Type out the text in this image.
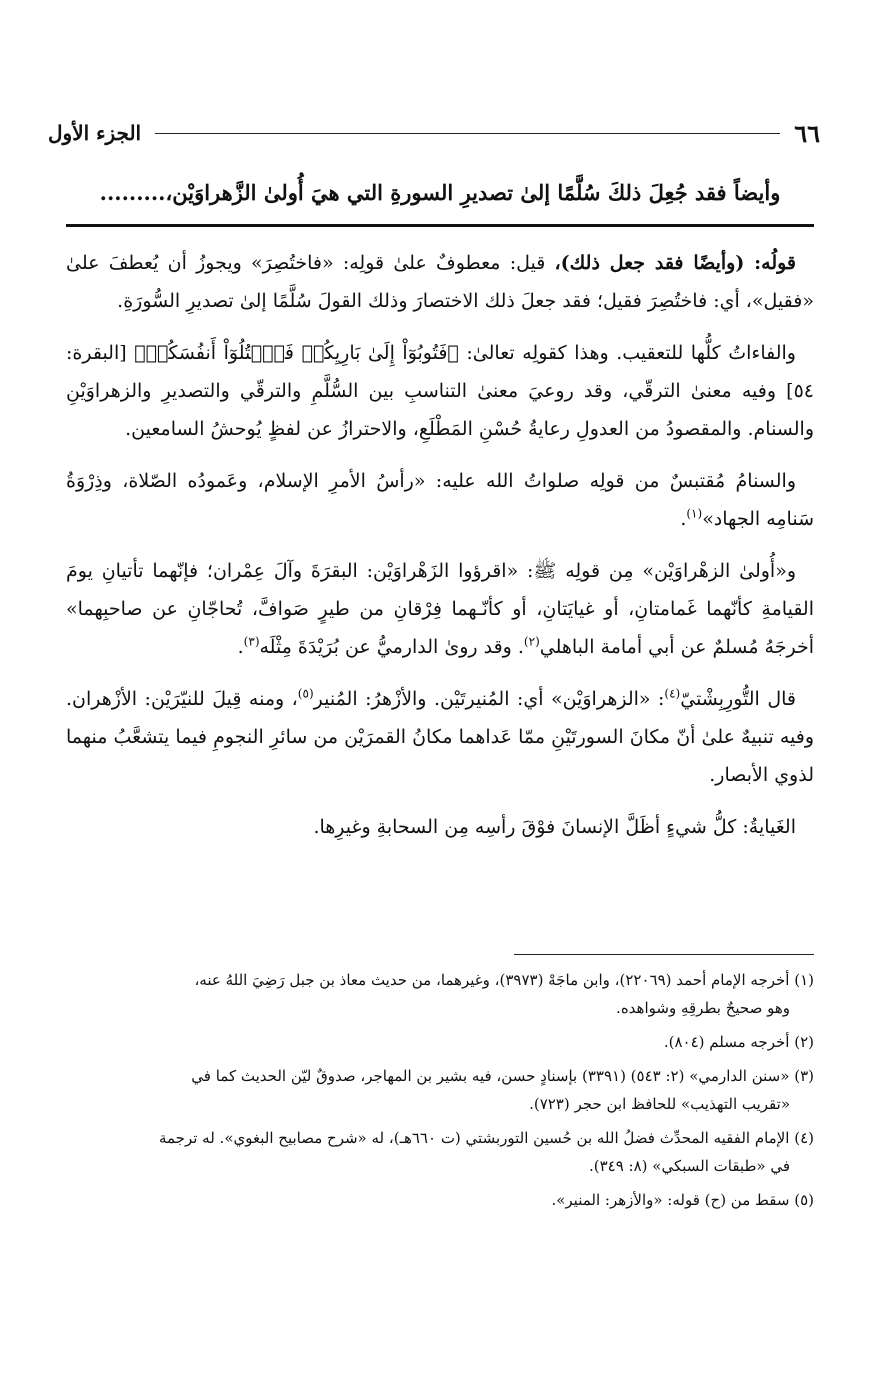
٦٦
الجزء الأول
وأيضاً فقد جُعِلَ ذلكَ سُلَّمًا إلىٰ تصديرِ السورةِ التي هيَ أُولىٰ الزَّهراوَيْن،.........

قولُه: (وأيضًا فقد جعل ذلك)، قيل: معطوفٌ علىٰ قولِه: «فاختُصِرَ» ويجوزُ أن يُعطفَ علىٰ «فقيل»، أي: فاختُصِرَ فقيل؛ فقد جعلَ ذلك الاختصارَ وذلك القولَ سُلَّمًا إلىٰ تصديرِ السُّورَةِ.

والفاءاتُ كلُّها للتعقيب. وهذا كقولِه تعالىٰ: ﴿فَتُوبُوٓاْ إِلَىٰ بَارِيِكُمۡ فَٱقۡتُلُوٓاْ أَنفُسَكُمۡ﴾ [البقرة: ٥٤] وفيه معنىٰ الترقّي، وقد روعيَ معنىٰ التناسبِ بين السُّلَّمِ والترقّي والتصديرِ والزهراوَيْنِ والسنام. والمقصودُ من العدولِ رعايةُ حُسْنِ المَطْلَعِ، والاحترازُ عن لفظٍ يُوحشُ السامعين.

والسنامُ مُقتبسٌ من قولِه صلواتُ الله عليه: «رأسُ الأمرِ الإسلام، وعَمودُه الصّلاة، وذِرْوَةُ سَنامِه الجهاد»$^{(١)}$.

و«أُولىٰ الزهْراوَيْن» مِن قولِه ﷺ: «اقرؤوا الزَهْراوَيْن: البقرَةَ وآلَ عِمْران؛ فإنّهما تأتيانِ يومَ القيامةِ كأنّهما غَمامتانِ، أو غيايَتانِ، أو كأنّـهما فِرْقانِ من طيرٍ صَوافَّ، تُحاجّانِ عن صاحبِهما» أخرجَهُ مُسلمٌ عن أبي أمامة الباهلي$^{(٢)}$. وقد روىٰ الدارميُّ عن بُرَيْدَةَ مِثْلَه$^{(٣)}$.

قال التُّورِبِشْتيّ$^{(٤)}$: «الزهراوَيْن» أي: المُنيرتَيْن. والأزْهرُ: المُنير$^{(٥)}$، ومنه قِيلَ للنيّرَيْن: الأزْهران. وفيه تنبيهٌ علىٰ أنّ مكانَ السورتَيْنِ ممّا عَداهما مكانُ القمرَيْن من سائرِ النجومِ فيما يتشعَّبُ منهما لذوي الأبصار.

الغَيايةُ: كلُّ شيءٍ أظَلَّ الإنسانَ فوْقَ رأسِه مِن السحابةِ وغيرِها.

(١) أخرجه الإمام أحمد (٢٢٠٦٩)، وابن ماجَهْ (٣٩٧٣)، وغيرهما، من حديث معاذ بن جبل رَضِيَ اللهُ عنه،
وهو صحيحٌ بطرقِهِ وشواهده.
(٢) أخرجه مسلم (٨٠٤).
(٣) «سنن الدارمي» (٢: ٥٤٣) (٣٣٩١) بإسنادٍ حسن، فيه بشير بن المهاجر، صدوقٌ ليّن الحديث كما في
«تقريب التهذيب» للحافظ ابن حجر (٧٢٣).
(٤) الإمام الفقيه المحدِّث فضلُ الله بن حُسين التوربشتي (ت ٦٦٠هـ)، له «شرح مصابيح البغوي». له ترجمة
في «طبقات السبكي» (٨: ٣٤٩).
(٥) سقط من (ح) قوله: «والأزهر: المنير».
